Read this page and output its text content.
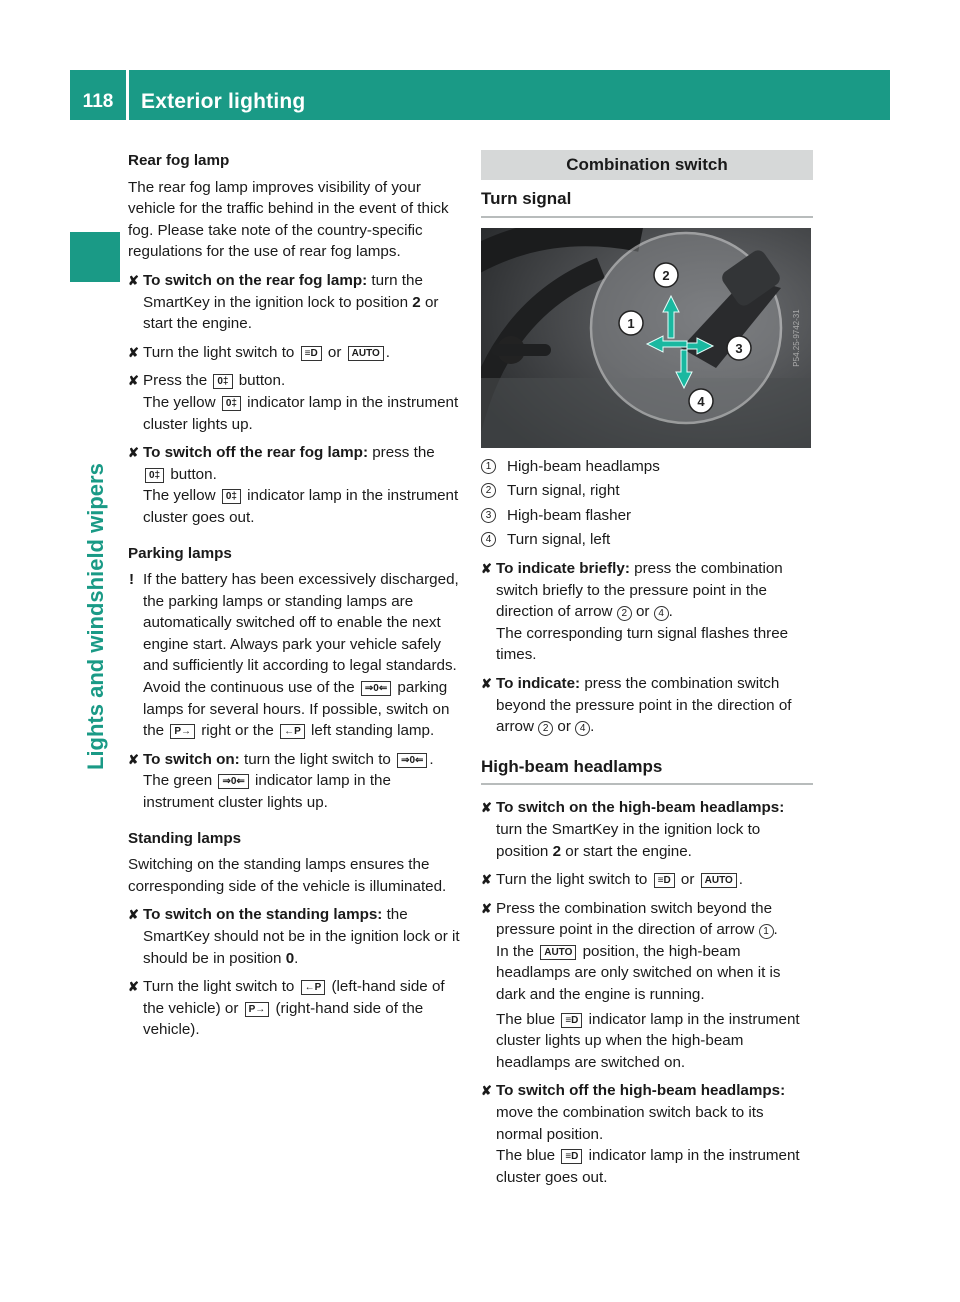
118	Exterior lighting
Lights and windshield wipers

Rear fog lamp

The rear fog lamp improves visibility of your vehicle for the traffic behind in the event of thick fog. Please take note of the country-specific regulations for the use of rear fog lamps.

✘ To switch on the rear fog lamp: turn the SmartKey in the ignition lock to position 2 or start the engine.
✘ Turn the light switch to ≡D or AUTO .
✘ Press the 0‡ button.
The yellow 0‡ indicator lamp in the instrument cluster lights up.
✘ To switch off the rear fog lamp: press the
0‡ button.
The yellow 0‡ indicator lamp in the instrument cluster goes out.

Parking lamps

! If the battery has been excessively discharged, the parking lamps or standing lamps are automatically switched off to enable the next engine start. Always park your vehicle safely and sufficiently lit according to legal standards. Avoid the continuous use of the ⇒0⇐ parking lamps for several hours. If possible, switch on the P→ right or the ←P left standing lamp.
✘ To switch on: turn the light switch to ⇒0⇐ .
The green ⇒0⇐ indicator lamp in the instrument cluster lights up.

Standing lamps

Switching on the standing lamps ensures the corresponding side of the vehicle is illuminated.

✘ To switch on the standing lamps: the SmartKey should not be in the ignition lock or it should be in position 0.
✘ Turn the light switch to ←P (left-hand side of the vehicle) or P→ (right-hand side of the vehicle).
Combination switch
Turn signal
2
1
3
4
P54.25-9742-31
1	High-beam headlamps
2	Turn signal, right
3	High-beam flasher
4	Turn signal, left
✘ To indicate briefly: press the combination switch briefly to the pressure point in the direction of arrow 2 or 4 .
The corresponding turn signal flashes three times.
✘ To indicate: press the combination switch beyond the pressure point in the direction of arrow 2 or 4 .
High-beam headlamps
✘ To switch on the high-beam headlamps: turn the SmartKey in the ignition lock to position 2 or start the engine.
✘ Turn the light switch to ≡D or AUTO .
✘ Press the combination switch beyond the pressure point in the direction of arrow 1 .
In the AUTO position, the high-beam headlamps are only switched on when it is dark and the engine is running.

The blue ≡D indicator lamp in the instrument cluster lights up when the high-beam headlamps are switched on.

✘ To switch off the high-beam headlamps: move the combination switch back to its normal position.
The blue ≡D indicator lamp in the instrument cluster goes out.
